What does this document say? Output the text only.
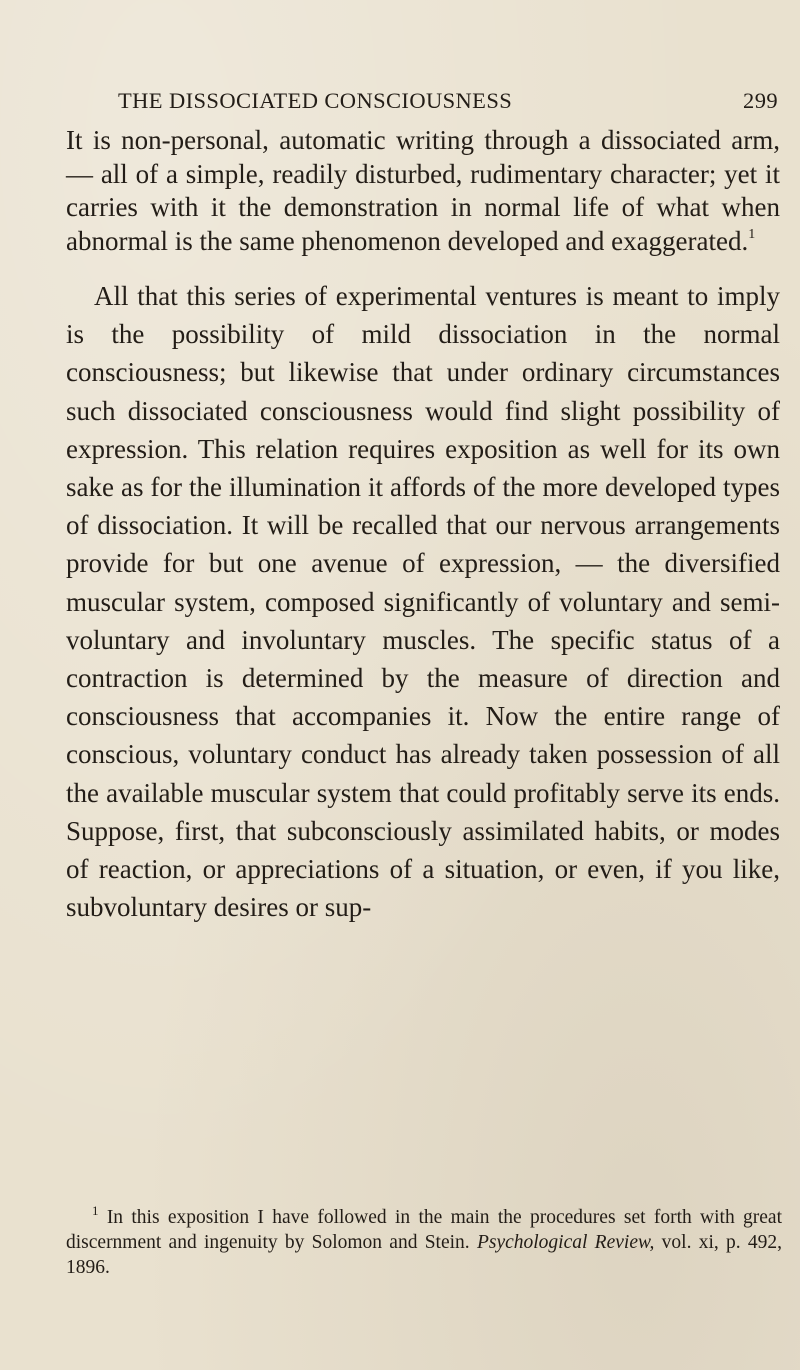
THE DISSOCIATED CONSCIOUSNESS	299

It is non-personal, automatic writing through a dissociated arm, — all of a simple, readily disturbed, rudimentary character; yet it carries with it the demonstration in normal life of what when abnormal is the same phenomenon developed and exaggerated.$^1$

All that this series of experimental ventures is meant to imply is the possibility of mild dissociation in the normal consciousness; but likewise that under ordinary circumstances such dissociated consciousness would find slight possibility of expression. This relation requires exposition as well for its own sake as for the illumination it affords of the more developed types of dissociation. It will be recalled that our nervous arrangements provide for but one avenue of expression, — the diversified muscular system, composed significantly of voluntary and semi-voluntary and involuntary muscles. The specific status of a contraction is determined by the measure of direction and consciousness that accompanies it. Now the entire range of conscious, voluntary conduct has already taken possession of all the available muscular system that could profitably serve its ends. Suppose, first, that subconsciously assimilated habits, or modes of reaction, or appreciations of a situation, or even, if you like, subvoluntary desires or sup-

$^1$ In this exposition I have followed in the main the procedures set forth with great discernment and ingenuity by Solomon and Stein. Psychological Review, vol. xi, p. 492, 1896.
